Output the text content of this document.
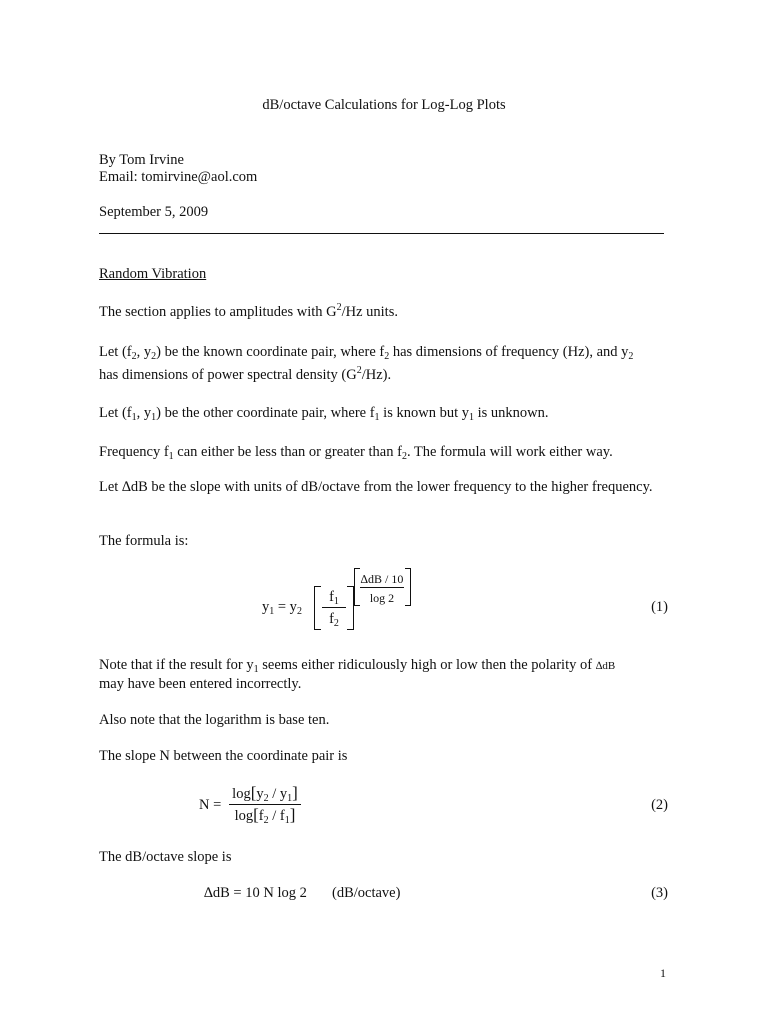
dB/octave Calculations for Log-Log Plots
By Tom Irvine
Email: tomirvine@aol.com
September 5, 2009
Random Vibration
The section applies to amplitudes with $G^2/Hz$ units.
Let ($f_2$, $y_2$) be the known coordinate pair, where $f_2$ has dimensions of frequency (Hz), and $y_2$
has dimensions of power spectral density $(G^2/Hz)$.
Let ($f_1$, $y_1$) be the other coordinate pair, where $f_1$ is known but $y_1$ is unknown.
Frequency $f_1$ can either be less than or greater than $f_2$. The formula will work either way.
Let ∆dB be the slope with units of dB/octave from the lower frequency to the higher frequency.
The formula is:
$y_1 = y_2$
$f_1$
$f_2$
∆dB / 10
log 2
(1)
Note that if the result for $y_1$ seems either ridiculously high or low then the polarity of ∆dB
may have been entered incorrectly.
Also note that the logarithm is base ten.
The slope N between the coordinate pair is
N =
$\log[y_2 / y_1]$
$\log[f_2 / f_1]$	(2)
The dB/octave slope is
∆dB = 10 N log 2 (dB/octave)	(3)
1
